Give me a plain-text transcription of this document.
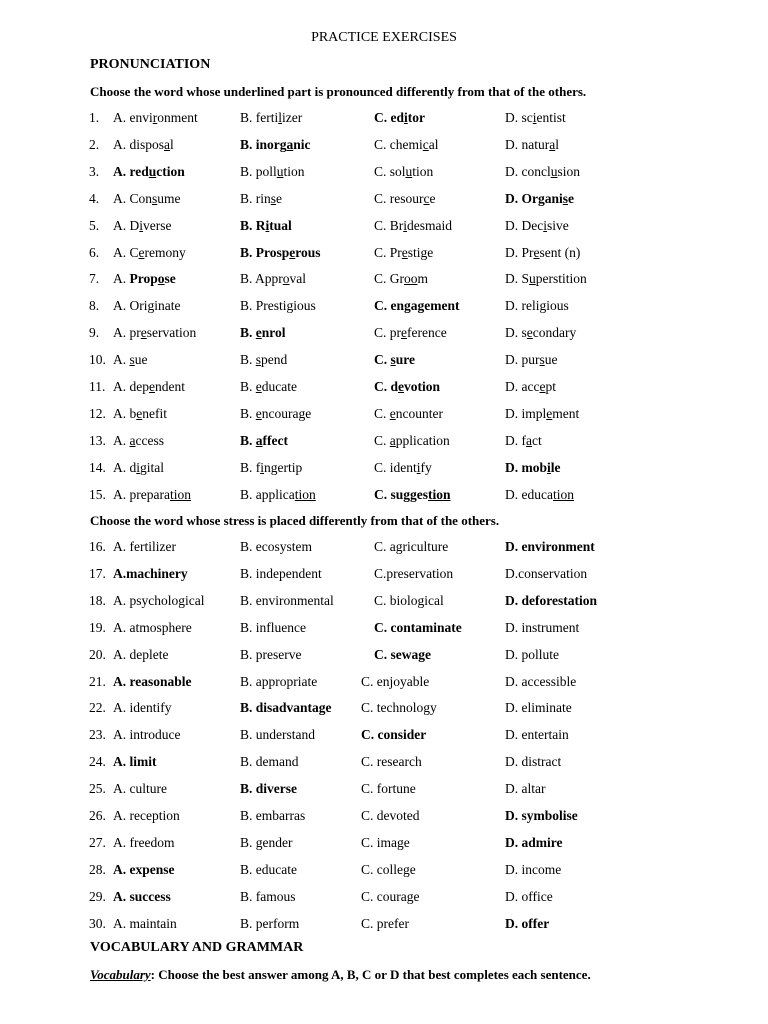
PRACTICE EXERCISES
PRONUNCIATION
Choose the word whose underlined part is pronounced differently from that of the others.
1. A. environment	B. fertilizer	C. editor	D. scientist
2. A. disposal	B. inorganic	C. chemical	D. natural
3. A. reduction	B. pollution	C. solution	D. conclusion
4. A. Consume	B. rinse	C. resource	D. Organise
5. A. Diverse	B. Ritual	C. Bridesmaid	D. Decisive
6. A. Ceremony	B. Prosperous	C. Prestige	D. Present (n)
7. A. Propose	B. Approval	C. Groom	D. Superstition
8. A. Originate	B. Prestigious	C. engagement	D. religious
9. A. preservation	B. enrol	C. preference	D. secondary
10. A. sue	B. spend	C. sure	D. pursue
11. A. dependent	B. educate	C. devotion	D. accept
12. A. benefit	B. encourage	C. encounter	D. implement
13. A. access	B. affect	C. application	D. fact
14. A. digital	B. fingertip	C. identify	D. mobile
15. A. preparation	B. application	C. suggestion	D. education
Choose the word whose stress is placed differently from that of the others.
16. A. fertilizer	B. ecosystem	C. agriculture	D. environment
17. A.machinery	B. independent	C.preservation	D.conservation
18. A. psychological	B. environmental	C. biological	D. deforestation
19. A. atmosphere	B. influence	C. contaminate	D. instrument
20. A. deplete	B. preserve	C. sewage	D. pollute
21. A. reasonable	B. appropriate	C. enjoyable	D. accessible
22. A. identify	B. disadvantage C. technology	D. eliminate
23. A. introduce	B. understand	C. consider	D. entertain
24. A. limit	B. demand	C. research	D. distract
25. A. culture	B. diverse	C. fortune	D. altar
26. A. reception	B. embarras	C. devoted	D. symbolise
27. A. freedom	B. gender	C. image	D. admire
28. A. expense	B. educate	C. college	D. income
29. A. success	B. famous	C. courage	D. office
30. A. maintain	B. perform	C. prefer	D. offer
VOCABULARY AND GRAMMAR
Vocabulary: Choose the best answer among A, B, C or D that best completes each sentence.
